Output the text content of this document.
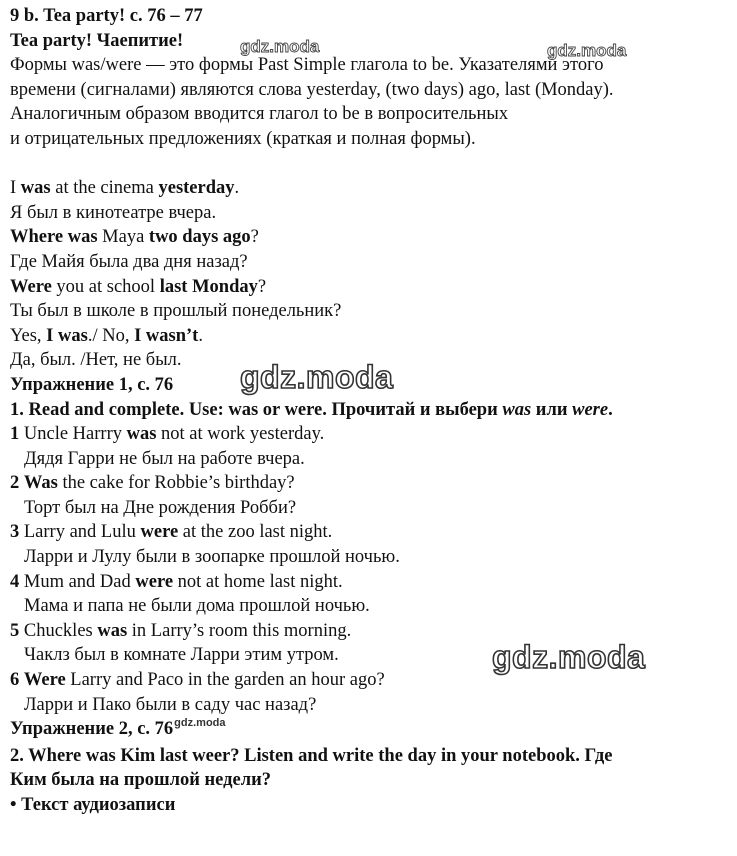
9 b. Tea party! с. 76 – 77
Tea party! Чаепитие!
Формы was/were — это формы Past Simple глагола to be. Указателями этого
времени (сигналами) являются слова yesterday, (two days) ago, last (Monday).
Аналогичным образом вводится глагол to be в вопросительных
и отрицательных предложениях (краткая и полная формы).
I was at the cinema yesterday.
Я был в кинотеатре вчера.
Where was Maya two days ago?
Где Майя была два дня назад?
Were you at school last Monday?
Ты был в школе в прошлый понедельник?
Yes, I was./ No, I wasn’t.
Да, был. /Нет, не был.
Упражнение 1, с. 76
1. Read and complete. Use: was or were. Прочитай и выбери was или were.
1 Uncle Harrry was not at work yesterday.
Дядя Гарри не был на работе вчера.
2 Was the cake for Robbie’s birthday?
Торт был на Дне рождения Робби?
3 Larry and Lulu were at the zoo last night.
Ларри и Лулу были в зоопарке прошлой ночью.
4 Mum and Dad were not at home last night.
Мама и папа не были дома прошлой ночью.
5 Chuckles was in Larry’s room this morning.
Чаклз был в комнате Ларри этим утром.
6 Were Larry and Paco in the garden an hour ago?
Ларри и Пако были в саду час назад?
Упражнение 2, с. $76^{gdz.moda}$
2. Where was Kim last weer? Listen and write the day in your notebook. Где
Ким была на прошлой недели?
• Текст аудиозаписи
gdz.moda	gdz.moda
gdz.moda
gdz.moda
